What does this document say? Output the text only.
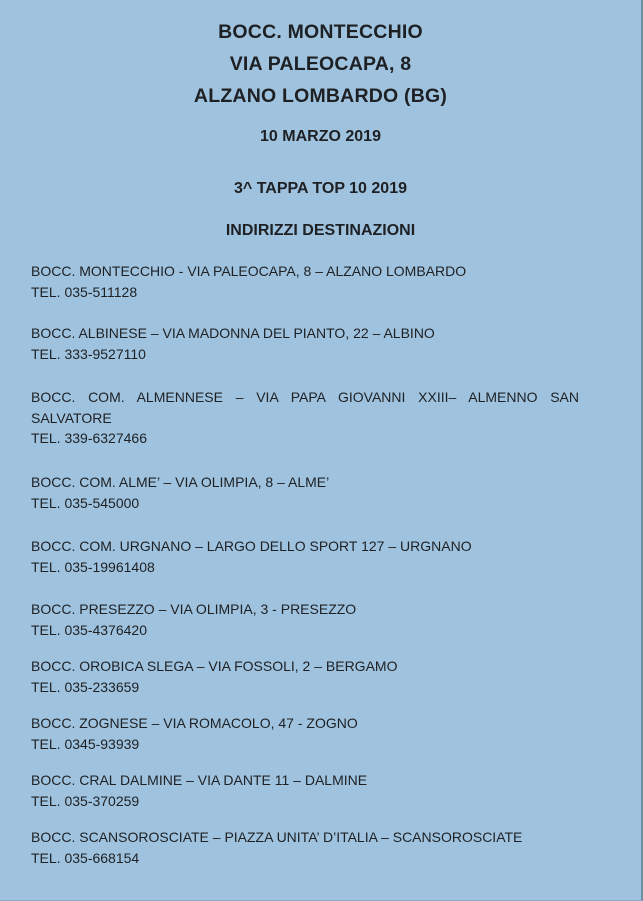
BOCC. MONTECCHIO
VIA PALEOCAPA, 8
ALZANO LOMBARDO (BG)
10 MARZO 2019
3^ TAPPA TOP 10 2019
INDIRIZZI DESTINAZIONI
BOCC. MONTECCHIO - VIA PALEOCAPA, 8 – ALZANO LOMBARDO
TEL. 035-511128
BOCC. ALBINESE – VIA MADONNA DEL PIANTO, 22 – ALBINO
TEL. 333-9527110
BOCC. COM. ALMENNESE – VIA PAPA GIOVANNI XXIII– ALMENNO SAN SALVATORE
TEL. 339-6327466
BOCC. COM. ALME’ – VIA OLIMPIA, 8 – ALME’
TEL. 035-545000
BOCC. COM. URGNANO – LARGO DELLO SPORT 127 – URGNANO
TEL. 035-19961408
BOCC. PRESEZZO – VIA OLIMPIA, 3 - PRESEZZO
TEL. 035-4376420
BOCC. OROBICA SLEGA – VIA FOSSOLI, 2 – BERGAMO
TEL. 035-233659
BOCC. ZOGNESE – VIA ROMACOLO, 47 - ZOGNO
TEL. 0345-93939
BOCC. CRAL DALMINE – VIA DANTE 11 – DALMINE
TEL. 035-370259
BOCC. SCANSOROSCIATE – PIAZZA UNITA’ D’ITALIA – SCANSOROSCIATE
TEL. 035-668154
